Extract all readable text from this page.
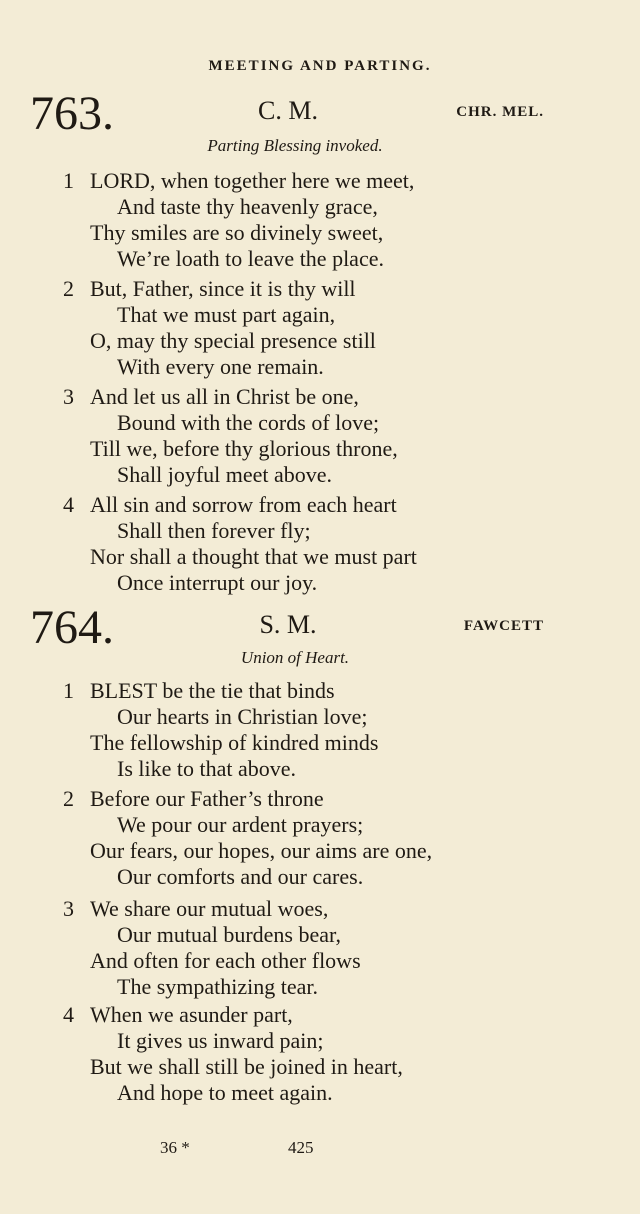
MEETING AND PARTING.
763.	C. M.	CHR. MEL.
Parting Blessing invoked.
1 LORD, when together here we meet,
And taste thy heavenly grace,
Thy smiles are so divinely sweet,
We’re loath to leave the place.
2 But, Father, since it is thy will
That we must part again,
O, may thy special presence still
With every one remain.
3 And let us all in Christ be one,
Bound with the cords of love;
Till we, before thy glorious throne,
Shall joyful meet above.
4 All sin and sorrow from each heart
Shall then forever fly;
Nor shall a thought that we must part
Once interrupt our joy.
764.	S. M.	FAWCETT
Union of Heart.
1 BLEST be the tie that binds
Our hearts in Christian love;
The fellowship of kindred minds
Is like to that above.
2 Before our Father’s throne
We pour our ardent prayers;
Our fears, our hopes, our aims are one,
Our comforts and our cares.
3 We share our mutual woes,
Our mutual burdens bear,
And often for each other flows
The sympathizing tear.
4 When we asunder part,
It gives us inward pain;
But we shall still be joined in heart,
And hope to meet again.
36 *	425
